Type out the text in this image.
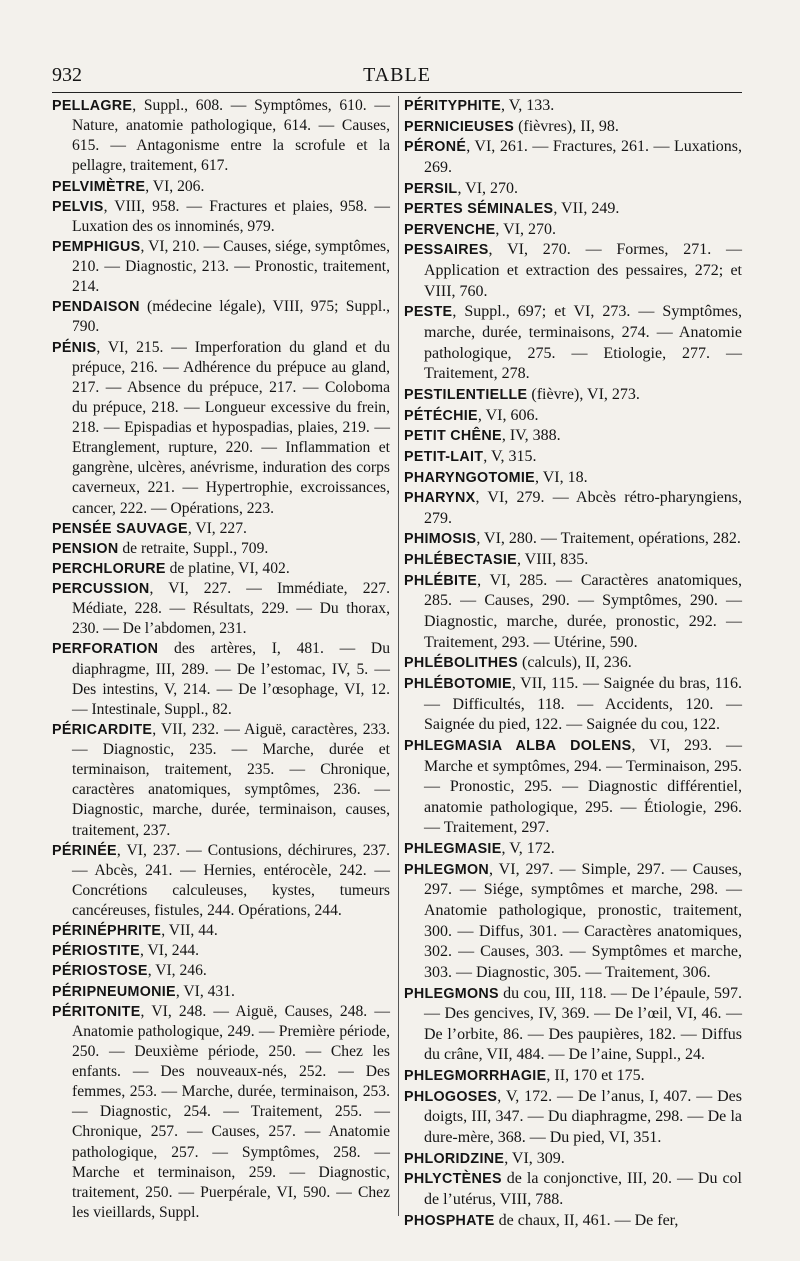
932	TABLE

PELLAGRE, Suppl., 608. — Symptômes, 610. — Nature, anatomie pathologique, 614. — Causes, 615. — Antagonisme entre la scrofule et la pellagre, traitement, 617.

PELVIMÈTRE, VI, 206.

PELVIS, VIII, 958. — Fractures et plaies, 958. — Luxation des os innominés, 979.

PEMPHIGUS, VI, 210. — Causes, siége, symptômes, 210. — Diagnostic, 213. — Pronostic, traitement, 214.

PENDAISON (médecine légale), VIII, 975; Suppl., 790.

PÉNIS, VI, 215. — Imperforation du gland et du prépuce, 216. — Adhérence du prépuce au gland, 217. — Absence du prépuce, 217. — Coloboma du prépuce, 218. — Longueur excessive du frein, 218. — Epispadias et hypospadias, plaies, 219. — Etranglement, rupture, 220. — Inflammation et gangrène, ulcères, anévrisme, induration des corps caverneux, 221. — Hypertrophie, excroissances, cancer, 222. — Opérations, 223.

PENSÉE SAUVAGE, VI, 227.

PENSION de retraite, Suppl., 709.

PERCHLORURE de platine, VI, 402.

PERCUSSION, VI, 227. — Immédiate, 227. Médiate, 228. — Résultats, 229. — Du thorax, 230. — De l’abdomen, 231.

PERFORATION des artères, I, 481. — Du diaphragme, III, 289. — De l’estomac, IV, 5. — Des intestins, V, 214. — De l’œsophage, VI, 12. — Intestinale, Suppl., 82.

PÉRICARDITE, VII, 232. — Aiguë, caractères, 233. — Diagnostic, 235. — Marche, durée et terminaison, traitement, 235. — Chronique, caractères anatomiques, symptômes, 236. — Diagnostic, marche, durée, terminaison, causes, traitement, 237.

PÉRINÉE, VI, 237. — Contusions, déchirures, 237. — Abcès, 241. — Hernies, entérocèle, 242. — Concrétions calculeuses, kystes, tumeurs cancéreuses, fistules, 244. Opérations, 244.

PÉRINÉPHRITE, VII, 44.

PÉRIOSTITE, VI, 244.

PÉRIOSTOSE, VI, 246.

PÉRIPNEUMONIE, VI, 431.

PÉRITONITE, VI, 248. — Aiguë, Causes, 248. — Anatomie pathologique, 249. — Première période, 250. — Deuxième période, 250. — Chez les enfants. — Des nouveaux-nés, 252. — Des femmes, 253. — Marche, durée, terminaison, 253. — Diagnostic, 254. — Traitement, 255. — Chronique, 257. — Causes, 257. — Anatomie pathologique, 257. — Symptômes, 258. — Marche et terminaison, 259. — Diagnostic, traitement, 250. — Puerpérale, VI, 590. — Chez les vieillards, Suppl.

PÉRITYPHITE, V, 133.

PERNICIEUSES (fièvres), II, 98.

PÉRONÉ, VI, 261. — Fractures, 261. — Luxations, 269.

PERSIL, VI, 270.

PERTES SÉMINALES, VII, 249.

PERVENCHE, VI, 270.

PESSAIRES, VI, 270. — Formes, 271. — Application et extraction des pessaires, 272; et VIII, 760.

PESTE, Suppl., 697; et VI, 273. — Symptômes, marche, durée, terminaisons, 274. — Anatomie pathologique, 275. — Etiologie, 277. — Traitement, 278.

PESTILENTIELLE (fièvre), VI, 273.

PÉTÉCHIE, VI, 606.

PETIT CHÊNE, IV, 388.

PETIT-LAIT, V, 315.

PHARYNGOTOMIE, VI, 18.

PHARYNX, VI, 279. — Abcès rétro-pharyngiens, 279.

PHIMOSIS, VI, 280. — Traitement, opérations, 282.

PHLÉBECTASIE, VIII, 835.

PHLÉBITE, VI, 285. — Caractères anatomiques, 285. — Causes, 290. — Symptômes, 290. — Diagnostic, marche, durée, pronostic, 292. — Traitement, 293. — Utérine, 590.

PHLÉBOLITHES (calculs), II, 236.

PHLÉBOTOMIE, VII, 115. — Saignée du bras, 116. — Difficultés, 118. — Accidents, 120. — Saignée du pied, 122. — Saignée du cou, 122.

PHLEGMASIA ALBA DOLENS, VI, 293. — Marche et symptômes, 294. — Terminaison, 295. — Pronostic, 295. — Diagnostic différentiel, anatomie pathologique, 295. — Étiologie, 296. — Traitement, 297.

PHLEGMASIE, V, 172.

PHLEGMON, VI, 297. — Simple, 297. — Causes, 297. — Siége, symptômes et marche, 298. — Anatomie pathologique, pronostic, traitement, 300. — Diffus, 301. — Caractères anatomiques, 302. — Causes, 303. — Symptômes et marche, 303. — Diagnostic, 305. — Traitement, 306.

PHLEGMONS du cou, III, 118. — De l’épaule, 597. — Des gencives, IV, 369. — De l’œil, VI, 46. — De l’orbite, 86. — Des paupières, 182. — Diffus du crâne, VII, 484. — De l’aine, Suppl., 24.

PHLEGMORRHAGIE, II, 170 et 175.

PHLOGOSES, V, 172. — De l’anus, I, 407. — Des doigts, III, 347. — Du diaphragme, 298. — De la dure-mère, 368. — Du pied, VI, 351.

PHLORIDZINE, VI, 309.

PHLYCTÈNES de la conjonctive, III, 20. — Du col de l’utérus, VIII, 788.

PHOSPHATE de chaux, II, 461. — De fer,
